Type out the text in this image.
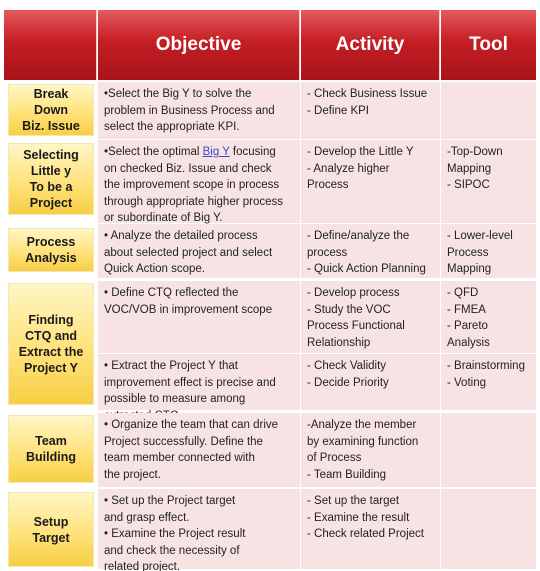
Objective	Activity	Tool
Break
Down
Biz. Issue
•Select the Big Y to solve the
problem in Business Process and
select the appropriate KPI.
- Check Business Issue
- Define KPI
Selecting
Little y
To be a
Project
•Select the optimal Big Y focusing
on checked Biz. Issue and check
the improvement scope in process
through appropriate higher process
or subordinate of Big Y.
- Develop the Little Y
- Analyze higher
Process
-Top-Down
Mapping
- SIPOC
Process
Analysis
• Analyze the detailed process
about selected project and select
Quick Action scope.
- Define/analyze the
process
- Quick Action Planning
- Lower-level
Process
Mapping
Finding
CTQ and
Extract the
Project Y
• Define CTQ reflected the
VOC/VOB in improvement scope
- Develop process
- Study the VOC
Process Functional
Relationship
- QFD
- FMEA
- Pareto Analysis
• Extract the Project Y that
improvement effect is precise and
possible to measure among

- Check Validity
- Decide Priority
- Brainstorming
- Voting
Team
Building
• Organize the team that can drive
Project successfully. Define the
team member connected with
the project.
-Analyze the member
by examining function
of Process
- Team Building
Setup
Target
• Set up the Project target
and grasp effect.
• Examine the Project result
and check the necessity of
related project.
- Set up the target
- Examine the result
- Check related Project
